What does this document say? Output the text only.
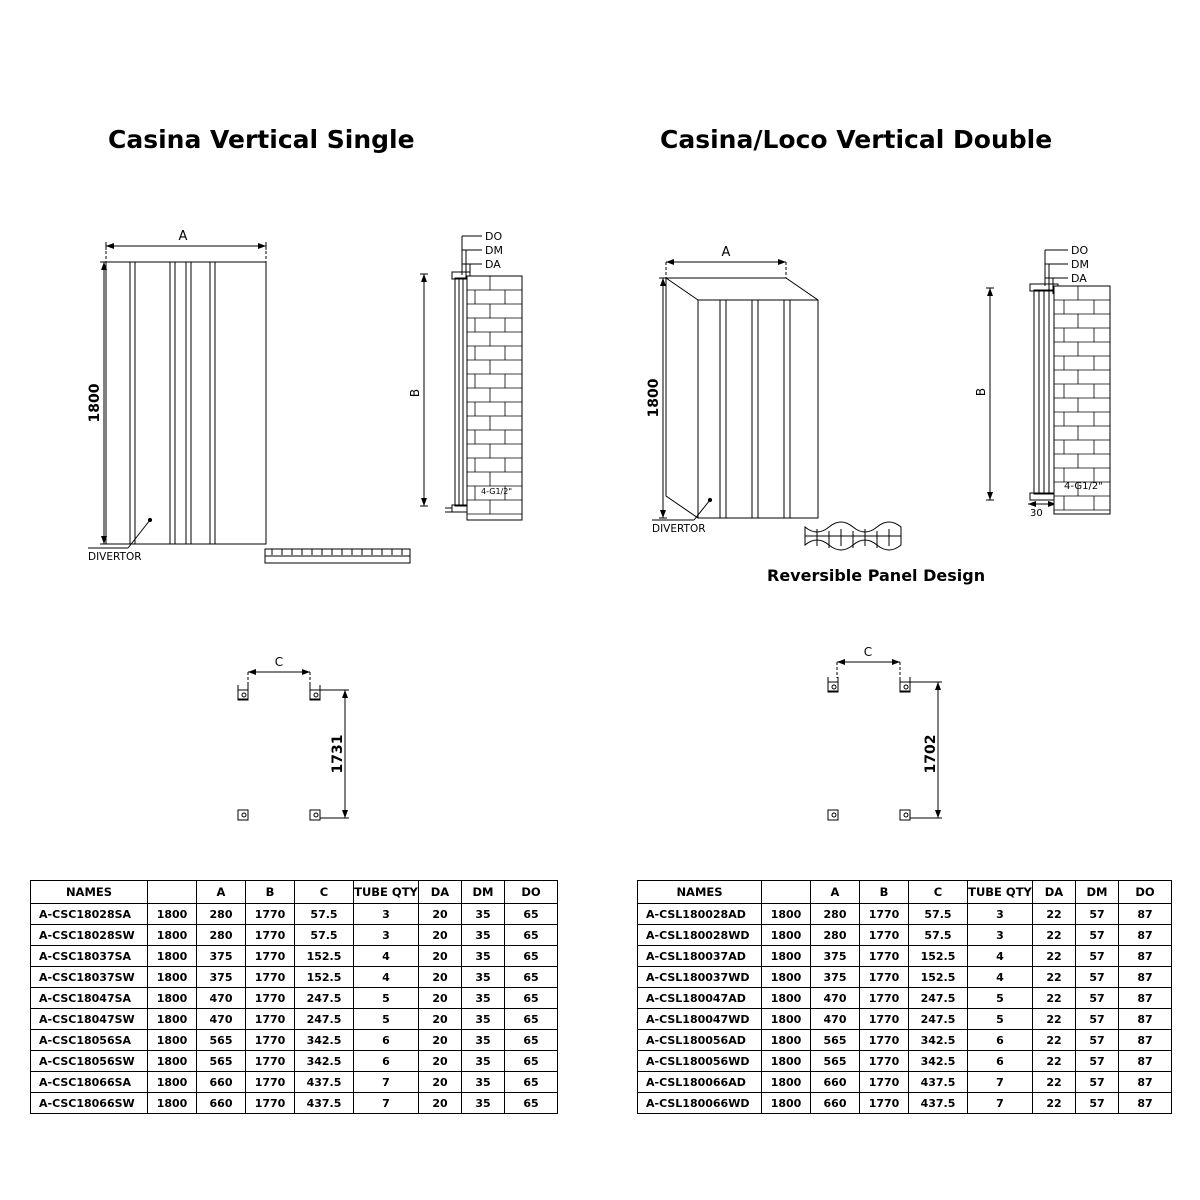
Casina Vertical Single
A
1800
DIVERTOR
DO
DM
DA
B
4-G1/2"
1731
C
NAMES		A	B	C	TUBE QTY	DA	DM	DO
A-CSC18028SA	1800	280	1770	57.5	3	20	35	65
A-CSC18028SW	1800	280	1770	57.5	3	20	35	65
A-CSC18037SA	1800	375	1770	152.5	4	20	35	65
A-CSC18037SW	1800	375	1770	152.5	4	20	35	65
A-CSC18047SA	1800	470	1770	247.5	5	20	35	65
A-CSC18047SW	1800	470	1770	247.5	5	20	35	65
A-CSC18056SA	1800	565	1770	342.5	6	20	35	65
A-CSC18056SW	1800	565	1770	342.5	6	20	35	65
A-CSC18066SA	1800	660	1770	437.5	7	20	35	65
A-CSC18066SW	1800	660	1770	437.5	7	20	35	65
Casina/Loco Vertical Double
Reversible Panel Design
A
1800
DIVERTOR
DO
DM
DA
B
4-G1/2"
30
C
1702
NAMES		A	B	C	TUBE QTY	DA	DM	DO
A-CSL180028AD	1800	280	1770	57.5	3	22	57	87
A-CSL180028WD	1800	280	1770	57.5	3	22	57	87
A-CSL180037AD	1800	375	1770	152.5	4	22	57	87
A-CSL180037WD	1800	375	1770	152.5	4	22	57	87
A-CSL180047AD	1800	470	1770	247.5	5	22	57	87
A-CSL180047WD	1800	470	1770	247.5	5	22	57	87
A-CSL180056AD	1800	565	1770	342.5	6	22	57	87
A-CSL180056WD	1800	565	1770	342.5	6	22	57	87
A-CSL180066AD	1800	660	1770	437.5	7	22	57	87
A-CSL180066WD	1800	660	1770	437.5	7	22	57	87
